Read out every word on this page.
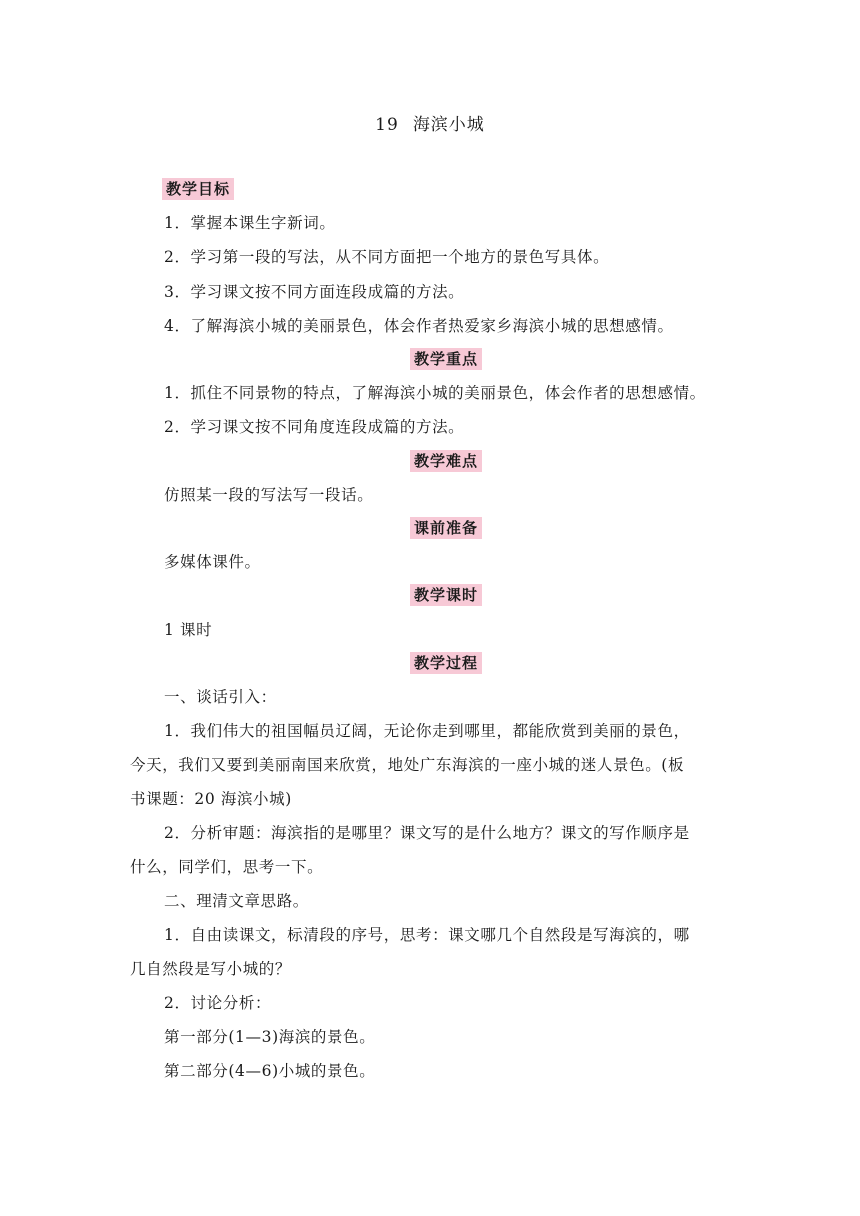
19 海滨小城
教学目标
1．掌握本课生字新词。
2．学习第一段的写法，从不同方面把一个地方的景色写具体。
3．学习课文按不同方面连段成篇的方法。
4．了解海滨小城的美丽景色，体会作者热爱家乡海滨小城的思想感情。
教学重点
1．抓住不同景物的特点，了解海滨小城的美丽景色，体会作者的思想感情。
2．学习课文按不同角度连段成篇的方法。
教学难点
仿照某一段的写法写一段话。
课前准备
多媒体课件。
教学课时
1 课时
教学过程
一、谈话引入：
1．我们伟大的祖国幅员辽阔，无论你走到哪里，都能欣赏到美丽的景色，
今天，我们又要到美丽南国来欣赏，地处广东海滨的一座小城的迷人景色。(板
书课题：20 海滨小城)
2．分析审题：海滨指的是哪里？课文写的是什么地方？课文的写作顺序是
什么，同学们，思考一下。
二、理清文章思路。
1．自由读课文，标清段的序号，思考：课文哪几个自然段是写海滨的，哪
几自然段是写小城的？
2．讨论分析：
第一部分(1—3)海滨的景色。
第二部分(4—6)小城的景色。
